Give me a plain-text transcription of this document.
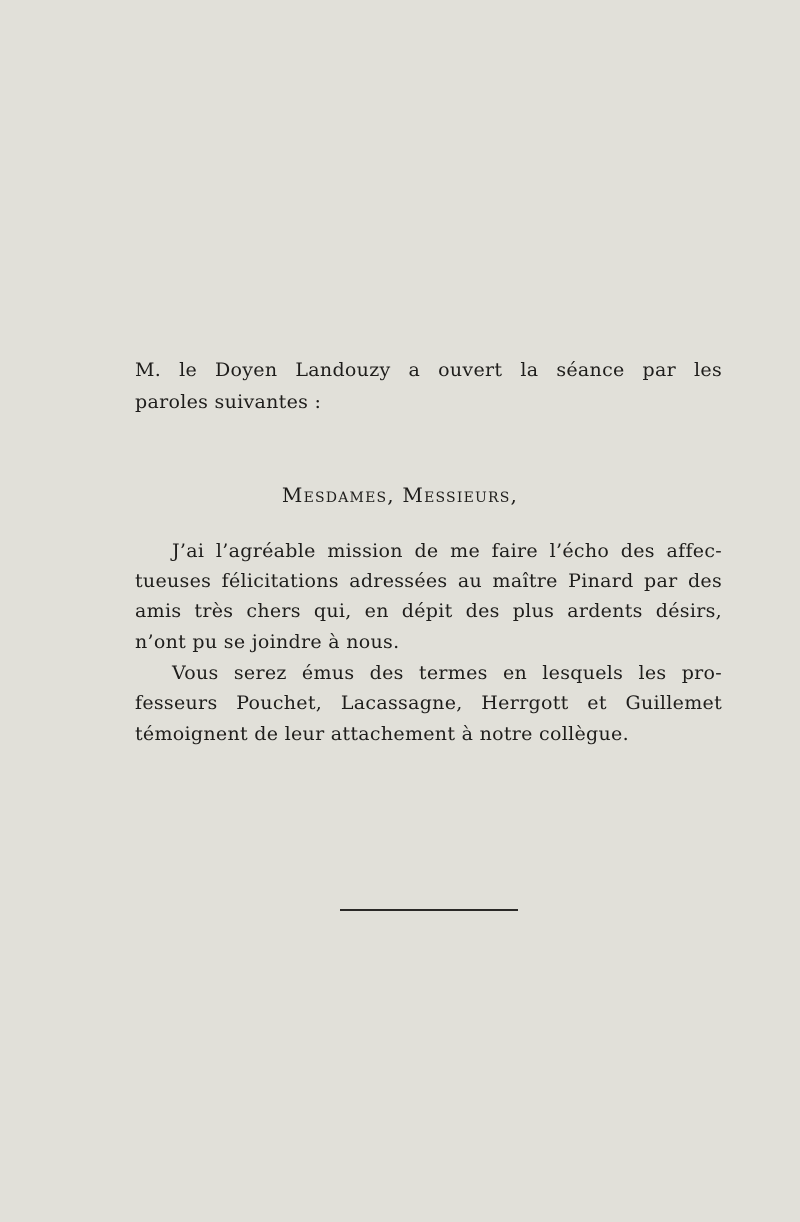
M. le Doyen Landouzy a ouvert la séance par les
paroles suivantes :
Mesdames, Messieurs,
J’ai l’agréable mission de me faire l’écho des affec-
tueuses félicitations adressées au maître Pinard par des
amis très chers qui, en dépit des plus ardents désirs,
n’ont pu se joindre à nous.
Vous serez émus des termes en lesquels les pro-
fesseurs Pouchet, Lacassagne, Herrgott et Guillemet
témoignent de leur attachement à notre collègue.
